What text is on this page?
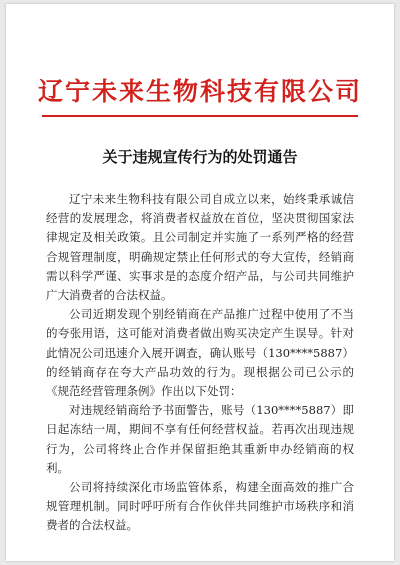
辽宁未来生物科技有限公司
关于违规宣传行为的处罚通告

辽宁未来生物科技有限公司自成立以来，始终秉承诚信经营的发展理念，将消费者权益放在首位，坚决贯彻国家法律规定及相关政策。且公司制定并实施了一系列严格的经营合规管理制度，明确规定禁止任何形式的夸大宣传，经销商需以科学严谨、实事求是的态度介绍产品，与公司共同维护广大消费者的合法权益。

公司近期发现个别经销商在产品推广过程中使用了不当的夸张用语，这可能对消费者做出购买决定产生误导。针对此情况公司迅速介入展开调查，确认账号（130****5887）的经销商存在夸大产品功效的行为。现根据公司已公示的《规范经营管理条例》作出以下处罚：

对违规经销商给予书面警告，账号（130****5887）即日起冻结一周，期间不享有任何经营权益。若再次出现违规行为，公司将终止合作并保留拒绝其重新申办经销商的权利。

公司将持续深化市场监管体系，构建全面高效的推广合规管理机制。同时呼吁所有合作伙伴共同维护市场秩序和消费者的合法权益。
